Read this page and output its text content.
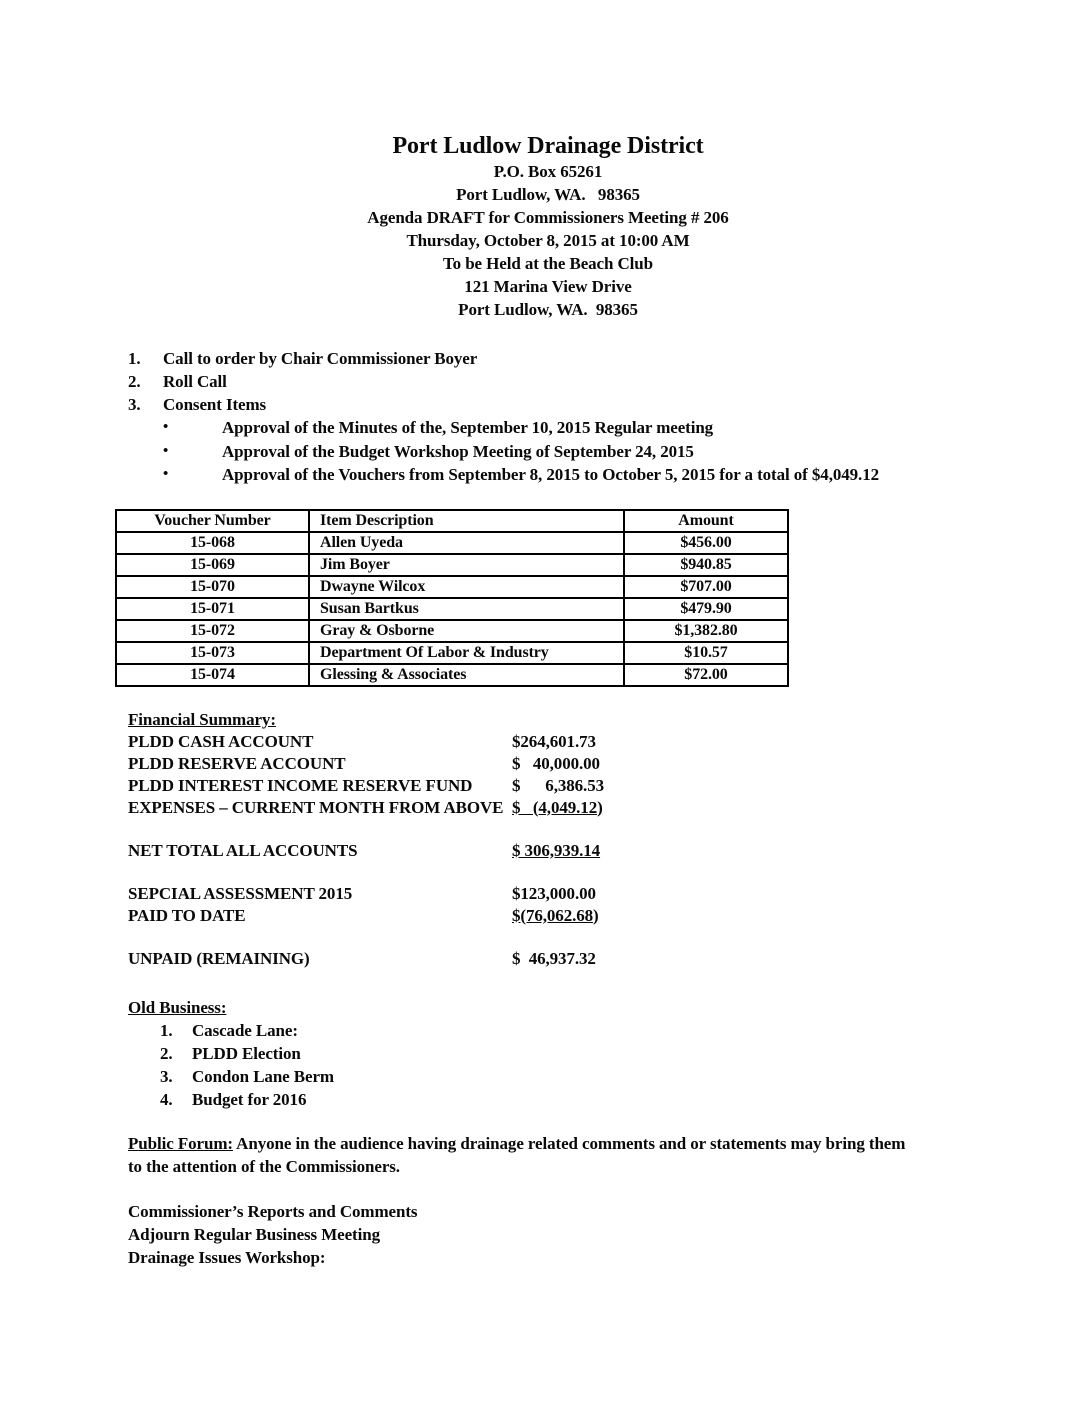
Port Ludlow Drainage District
P.O. Box 65261
Port Ludlow, WA.   98365
Agenda DRAFT for Commissioners Meeting # 206
Thursday, October 8, 2015 at 10:00 AM
To be Held at the Beach Club
121 Marina View Drive
Port Ludlow, WA.  98365
1.	Call to order by Chair Commissioner Boyer
2.	Roll Call
3.	Consent Items
•	Approval of the Minutes of the, September 10, 2015 Regular meeting
•	Approval of the Budget Workshop Meeting of September 24, 2015
•	Approval of the Vouchers from September 8, 2015 to October 5, 2015 for a total of $4,049.12
Voucher Number	Item Description	Amount
15-068	Allen Uyeda	$456.00
15-069	Jim Boyer	$940.85
15-070	Dwayne Wilcox	$707.00
15-071	Susan Bartkus	$479.90
15-072	Gray & Osborne	$1,382.80
15-073	Department Of Labor & Industry	$10.57
15-074	Glessing & Associates	$72.00
Financial Summary:
PLDD CASH ACCOUNT	$264,601.73
PLDD RESERVE ACCOUNT	$   40,000.00
PLDD INTEREST INCOME RESERVE FUND	$      6,386.53
EXPENSES – CURRENT MONTH FROM ABOVE $   (4,049.12)
NET TOTAL ALL ACCOUNTS	$ 306,939.14
SEPCIAL ASSESSMENT 2015	$123,000.00
PAID TO DATE	$(76,062.68)
UNPAID (REMAINING)	$  46,937.32
Old Business:
1.	Cascade Lane:
2.	PLDD Election
3.	Condon Lane Berm
4.	Budget for 2016

Public Forum: Anyone in the audience having drainage related comments and or statements may bring them to the attention of the Commissioners.

Commissioner’s Reports and Comments
Adjourn Regular Business Meeting
Drainage Issues Workshop:
